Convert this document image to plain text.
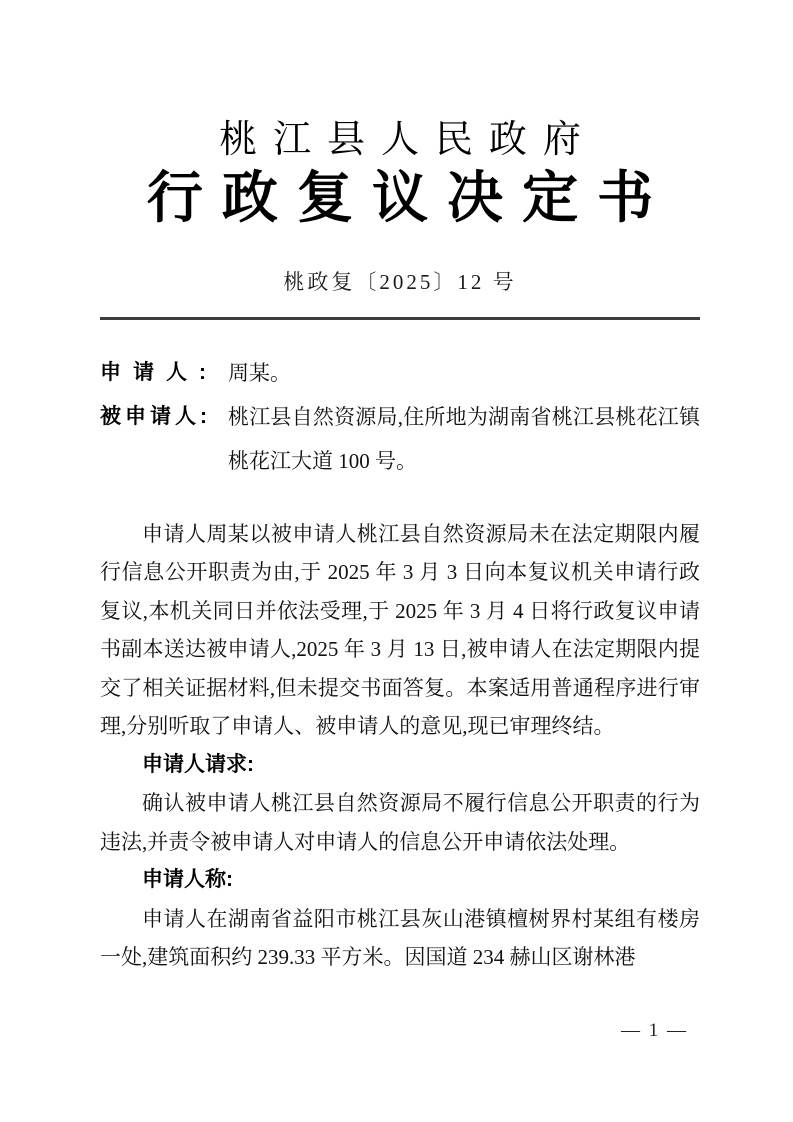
桃江县人民政府
行政复议决定书
桃政复〔2025〕12 号
申请人: 周某。
被申请人: 桃江县自然资源局,住所地为湖南省桃江县桃花江镇桃花江大道 100 号。

申请人周某以被申请人桃江县自然资源局未在法定期限内履行信息公开职责为由,于 2025 年 3 月 3 日向本复议机关申请行政复议,本机关同日并依法受理,于 2025 年 3 月 4 日将行政复议申请书副本送达被申请人,2025 年 3 月 13 日,被申请人在法定期限内提交了相关证据材料,但未提交书面答复。本案适用普通程序进行审理,分别听取了申请人、被申请人的意见,现已审理终结。

申请人请求:

确认被申请人桃江县自然资源局不履行信息公开职责的行为违法,并责令被申请人对申请人的信息公开申请依法处理。

申请人称:

申请人在湖南省益阳市桃江县灰山港镇檀树界村某组有楼房一处,建筑面积约 239.33 平方米。因国道 234 赫山区谢林港

— 1 —
